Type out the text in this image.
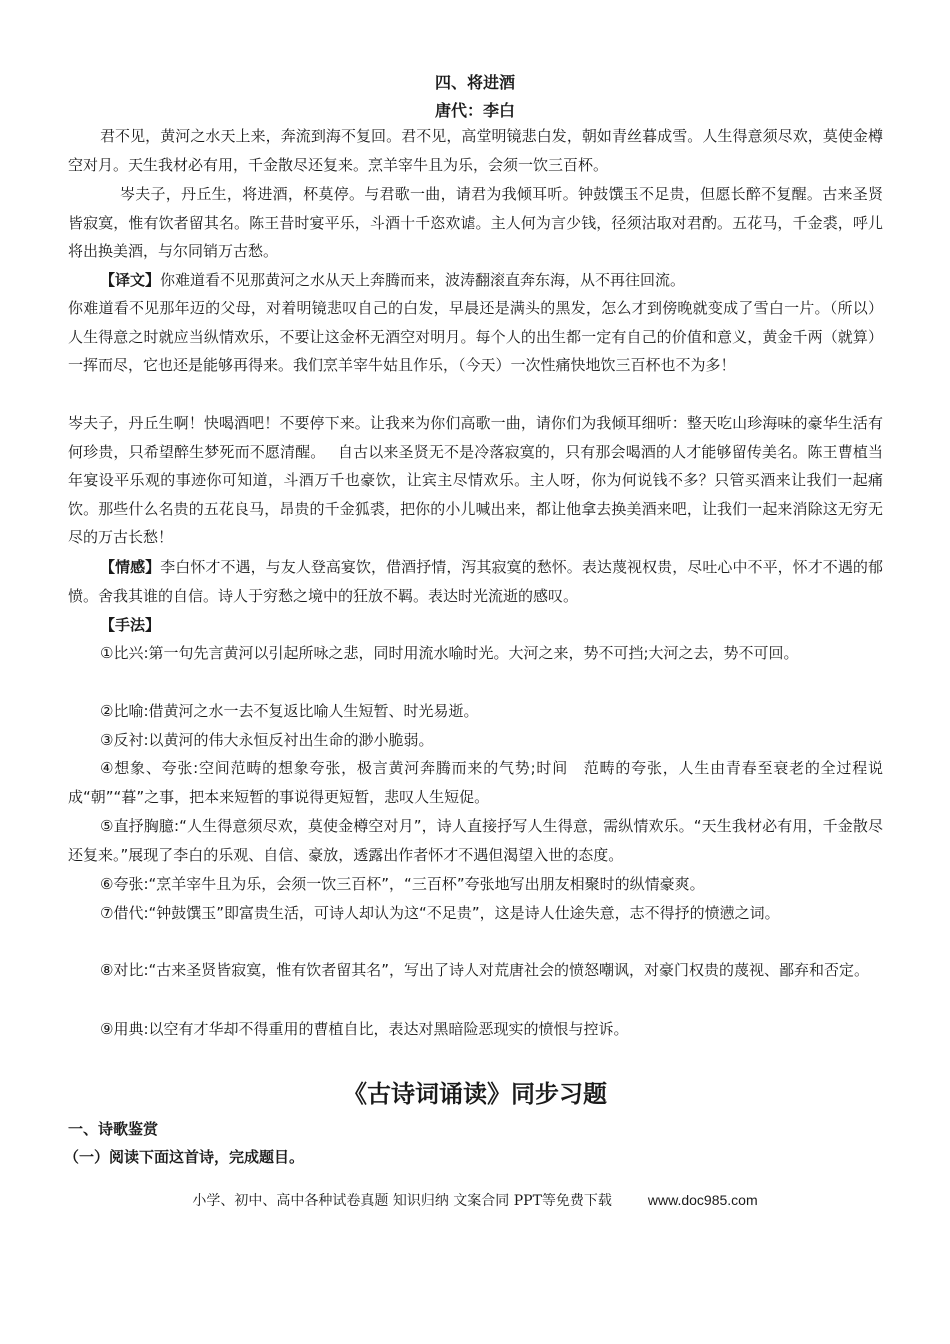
四、将进酒
唐代：李白
君不见，黄河之水天上来，奔流到海不复回。君不见，高堂明镜悲白发，朝如青丝暮成雪。人生得意须尽欢，莫使金樽空对月。天生我材必有用，千金散尽还复来。烹羊宰牛且为乐，会须一饮三百杯。
岑夫子，丹丘生，将进酒，杯莫停。与君歌一曲，请君为我倾耳听。钟鼓馔玉不足贵，但愿长醉不复醒。古来圣贤皆寂寞，惟有饮者留其名。陈王昔时宴平乐，斗酒十千恣欢谑。主人何为言少钱，径须沽取对君酌。五花马，千金裘，呼儿将出换美酒，与尔同销万古愁。
【译文】你难道看不见那黄河之水从天上奔腾而来，波涛翻滚直奔东海，从不再往回流。
你难道看不见那年迈的父母，对着明镜悲叹自己的白发，早晨还是满头的黑发，怎么才到傍晚就变成了雪白一片。（所以）人生得意之时就应当纵情欢乐，不要让这金杯无酒空对明月。每个人的出生都一定有自己的价值和意义，黄金千两（就算）一挥而尽，它也还是能够再得来。我们烹羊宰牛姑且作乐，（今天）一次性痛快地饮三百杯也不为多！
岑夫子，丹丘生啊！快喝酒吧！不要停下来。让我来为你们高歌一曲，请你们为我倾耳细听：整天吃山珍海味的豪华生活有何珍贵，只希望醉生梦死而不愿清醒。　 自古以来圣贤无不是冷落寂寞的，只有那会喝酒的人才能够留传美名。陈王曹植当年宴设平乐观的事迹你可知道，斗酒万千也豪饮，让宾主尽情欢乐。主人呀，你为何说钱不多？只管买酒来让我们一起痛饮。那些什么名贵的五花良马，昂贵的千金狐裘，把你的小儿喊出来，都让他拿去换美酒来吧，让我们一起来消除这无穷无尽的万古长愁！
【情感】李白怀才不遇，与友人登高宴饮，借酒抒情，泻其寂寞的愁怀。表达蔑视权贵，尽吐心中不平，怀才不遇的郁愤。舍我其谁的自信。诗人于穷愁之境中的狂放不羁。表达时光流逝的感叹。
【手法】
①比兴:第一句先言黄河以引起所咏之悲，同时用流水喻时光。大河之来，势不可挡;大河之去，势不可回。
②比喻:借黄河之水一去不复返比喻人生短暂、时光易逝。
③反衬:以黄河的伟大永恒反衬出生命的渺小脆弱。
④想象、夸张:空间范畴的想象夸张，极言黄河奔腾而来的气势;时间　范畴的夸张，人生由青春至衰老的全过程说成“朝”“暮”之事，把本来短暂的事说得更短暂，悲叹人生短促。
⑤直抒胸臆:“人生得意须尽欢，莫使金樽空对月”，诗人直接抒写人生得意，需纵情欢乐。“天生我材必有用，千金散尽还复来。”展现了李白的乐观、自信、豪放，透露出作者怀才不遇但渴望入世的态度。
⑥夸张:“烹羊宰牛且为乐，会须一饮三百杯”，“三百杯”夸张地写出朋友相聚时的纵情豪爽。
⑦借代:“钟鼓馔玉”即富贵生活，可诗人却认为这“不足贵”，这是诗人仕途失意，志不得抒的愤懑之词。
⑧对比:“古来圣贤皆寂寞，惟有饮者留其名”，写出了诗人对荒唐社会的愤怒嘲讽，对豪门权贵的蔑视、鄙弃和否定。
⑨用典:以空有才华却不得重用的曹植自比，表达对黑暗险恶现实的愤恨与控诉。
《古诗词诵读》同步习题
一、诗歌鉴赏
（一）阅读下面这首诗，完成题目。
小学、初中、高中各种试卷真题 知识归纳 文案合同 PPT等免费下载	www.doc985.com
